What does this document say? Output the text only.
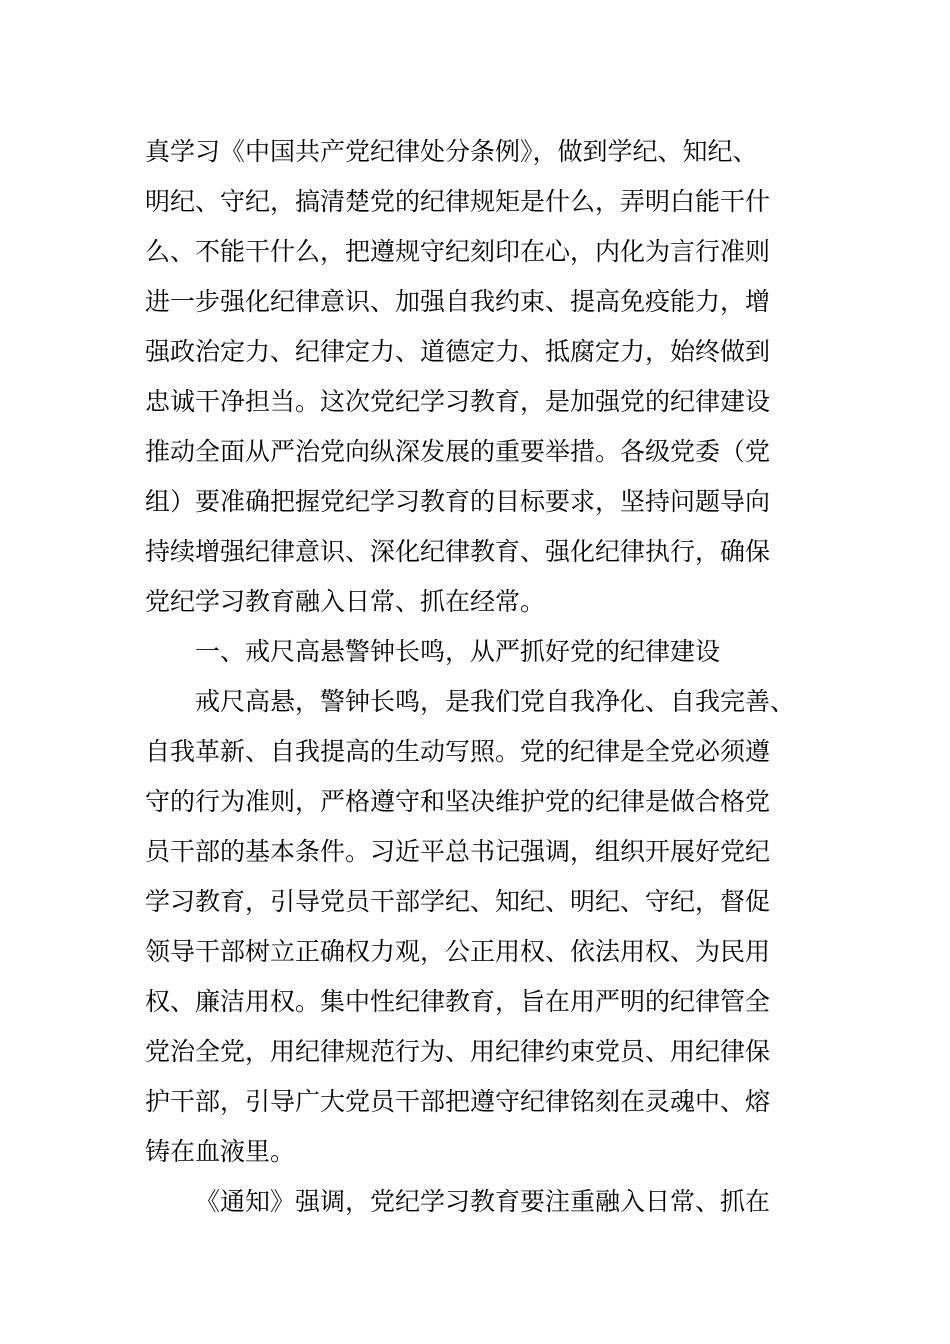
真学习《中国共产党纪律处分条例》，做到学纪、知纪、
明纪、守纪，搞清楚党的纪律规矩是什么，弄明白能干什
么、不能干什么，把遵规守纪刻印在心，内化为言行准则
进一步强化纪律意识、加强自我约束、提高免疫能力，增
强政治定力、纪律定力、道德定力、抵腐定力，始终做到
忠诚干净担当。这次党纪学习教育，是加强党的纪律建设
推动全面从严治党向纵深发展的重要举措。各级党委（党
组）要准确把握党纪学习教育的目标要求，坚持问题导向
持续增强纪律意识、深化纪律教育、强化纪律执行，确保
党纪学习教育融入日常、抓在经常。
一、戒尺高悬警钟长鸣，从严抓好党的纪律建设
戒尺高悬，警钟长鸣，是我们党自我净化、自我完善、
自我革新、自我提高的生动写照。党的纪律是全党必须遵
守的行为准则，严格遵守和坚决维护党的纪律是做合格党
员干部的基本条件。习近平总书记强调，组织开展好党纪
学习教育，引导党员干部学纪、知纪、明纪、守纪，督促
领导干部树立正确权力观，公正用权、依法用权、为民用
权、廉洁用权。集中性纪律教育，旨在用严明的纪律管全
党治全党，用纪律规范行为、用纪律约束党员、用纪律保
护干部，引导广大党员干部把遵守纪律铭刻在灵魂中、熔
铸在血液里。
《通知》强调，党纪学习教育要注重融入日常、抓在
